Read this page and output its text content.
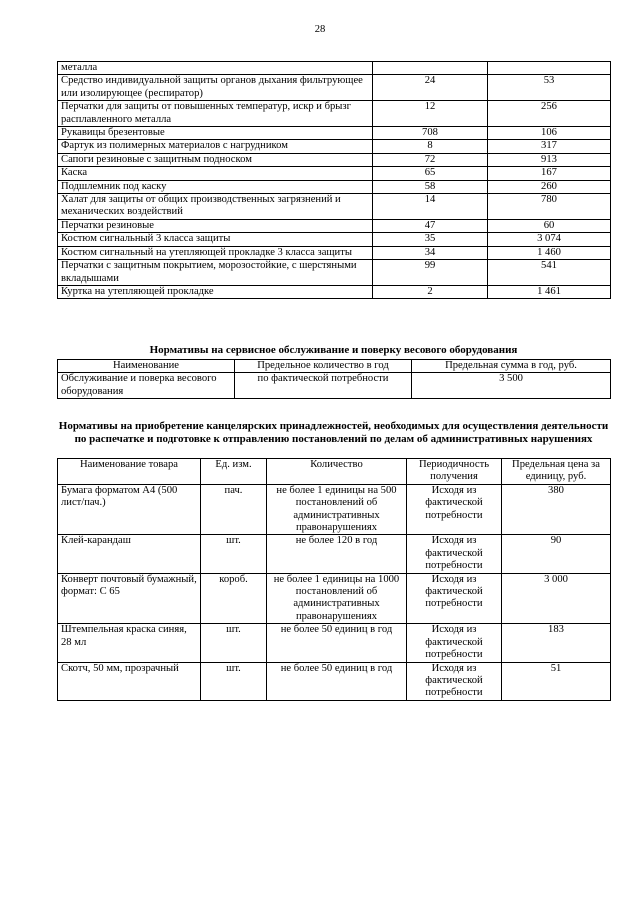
28
металла		
Средство индивидуальной защиты органов дыхания фильтрующее или изолирующее (респиратор)	24	53
Перчатки для защиты от повышенных температур, искр и брызг расплавленного металла	12	256
Рукавицы брезентовые	708	106
Фартук из полимерных материалов с нагрудником	8	317
Сапоги резиновые с защитным подноском	72	913
Каска	65	167
Подшлемник под каску	58	260
Халат для защиты от общих производственных загрязнений и механических воздействий	14	780
Перчатки резиновые	47	60
Костюм сигнальный 3 класса защиты	35	3 074
Костюм сигнальный на утепляющей прокладке 3 класса защиты	34	1 460
Перчатки с защитным покрытием, морозостойкие, с шерстяными вкладышами	99	541
Куртка на утепляющей прокладке	2	1 461
Нормативы на сервисное обслуживание и поверку весового оборудования
Наименование	Предельное количество в год	Предельная сумма в год, руб.
Обслуживание и поверка весового оборудования	по фактической потребности	3 500
Нормативы на приобретение канцелярских принадлежностей, необходимых для осуществления деятельности по распечатке и подготовке к отправлению постановлений по делам об административных нарушениях
Наименование товара	Ед. изм.	Количество	Периодичность получения	Предельная цена за единицу, руб.
Бумага форматом А4 (500 лист/пач.)	пач.	не более 1 единицы на 500 постановлений об административных правонарушениях	Исходя из фактической потребности	380
Клей-карандаш	шт.	не более 120 в год	Исходя из фактической потребности	90
Конверт почтовый бумажный, формат: С 65	короб.	не более 1 единицы на 1000 постановлений об административных правонарушениях	Исходя из фактической потребности	3 000
Штемпельная краска синяя, 28 мл	шт.	не более 50 единиц в год	Исходя из фактической потребности	183
Скотч, 50 мм, прозрачный	шт.	не более 50 единиц в год	Исходя из фактической потребности	51
